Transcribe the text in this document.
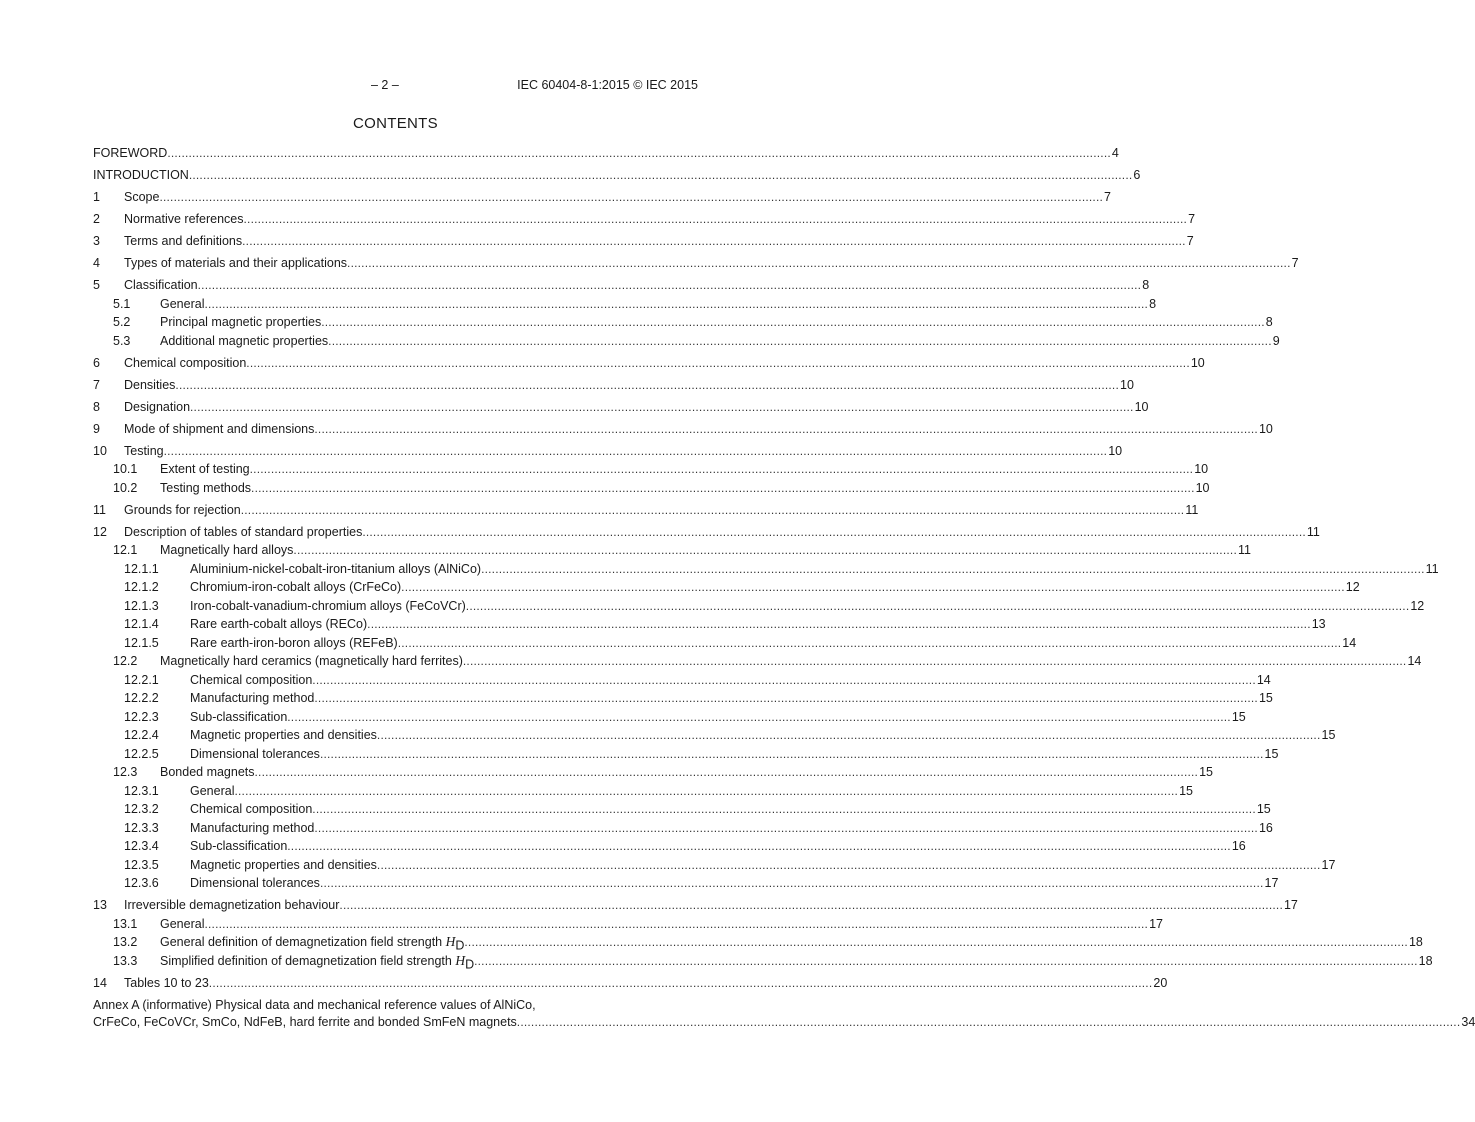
– 2 –	IEC 60404-8-1:2015 © IEC 2015
CONTENTS
FOREWORD .....	4
INTRODUCTION .....	6
1	Scope .....	7
2	Normative references .....	7
3	Terms and definitions .....	7
4	Types of materials and their applications .....	7
5	Classification .....	8
5.1	General .....	8
5.2	Principal magnetic properties .....	8
5.3	Additional magnetic properties .....	9
6	Chemical composition .....	10
7	Densities .....	10
8	Designation .....	10
9	Mode of shipment and dimensions .....	10
10	Testing .....	10
10.1	Extent of testing .....	10
10.2	Testing methods .....	10
11	Grounds for rejection .....	11
12	Description of tables of standard properties .....	11
12.1	Magnetically hard alloys .....	11
12.1.1	Aluminium-nickel-cobalt-iron-titanium alloys (AlNiCo) .....	11
12.1.2	Chromium-iron-cobalt alloys (CrFeCo) .....	12
12.1.3	Iron-cobalt-vanadium-chromium alloys (FeCoVCr) .....	12
12.1.4	Rare earth-cobalt alloys (RECo) .....	13
12.1.5	Rare earth-iron-boron alloys (REFeB) .....	14
12.2	Magnetically hard ceramics (magnetically hard ferrites) .....	14
12.2.1	Chemical composition .....	14
12.2.2	Manufacturing method .....	15
12.2.3	Sub-classification .....	15
12.2.4	Magnetic properties and densities .....	15
12.2.5	Dimensional tolerances .....	15
12.3	Bonded magnets .....	15
12.3.1	General .....	15
12.3.2	Chemical composition .....	15
12.3.3	Manufacturing method .....	16
12.3.4	Sub-classification .....	16
12.3.5	Magnetic properties and densities .....	17
12.3.6	Dimensional tolerances .....	17
13	Irreversible demagnetization behaviour .....	17
13.1	General .....	17
13.2	General definition of demagnetization field strength $H_D$ .....	18
13.3	Simplified definition of demagnetization field strength $H_D$ .....	18
14	Tables 10 to 23 .....	20
Annex A (informative) Physical data and mechanical reference values of AlNiCo,
CrFeCo, FeCoVCr, SmCo, NdFeB, hard ferrite and bonded SmFeN magnets .....	34
